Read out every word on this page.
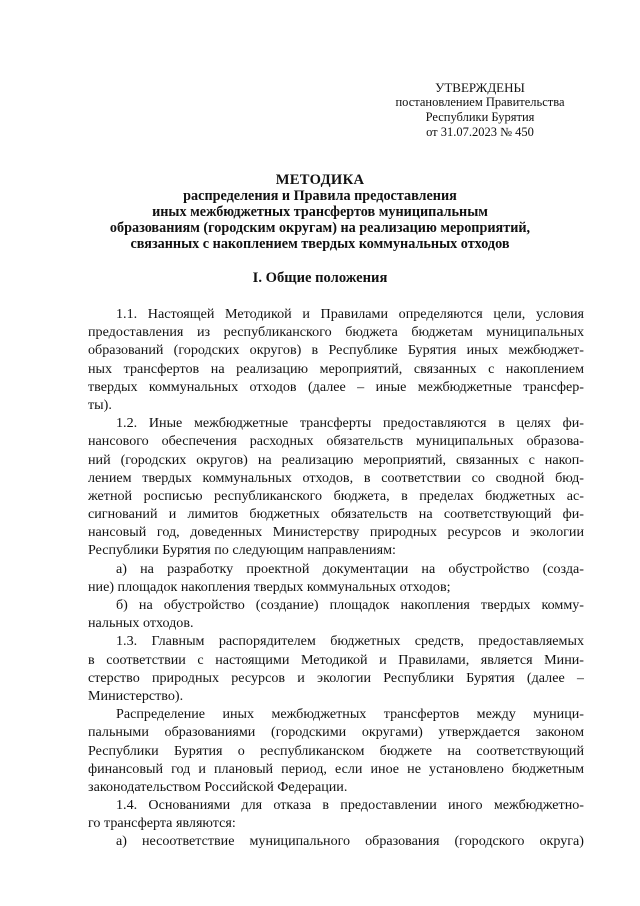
УТВЕРЖДЕНЫ
постановлением Правительства
Республики Бурятия
от 31.07.2023 № 450
МЕТОДИКА
распределения и Правила предоставления
иных межбюджетных трансфертов муниципальным
образованиям (городским округам) на реализацию мероприятий,
связанных с накоплением твердых коммунальных отходов
I. Общие положения
1.1. Настоящей Методикой и Правилами определяются цели, условия
предоставления из республиканского бюджета бюджетам муниципальных
образований (городских округов) в Республике Бурятия иных межбюджет-
ных трансфертов на реализацию мероприятий, связанных с накоплением
твердых коммунальных отходов (далее – иные межбюджетные трансфер-
ты).
1.2. Иные межбюджетные трансферты предоставляются в целях фи-
нансового обеспечения расходных обязательств муниципальных образова-
ний (городских округов) на реализацию мероприятий, связанных с накоп-
лением твердых коммунальных отходов, в соответствии со сводной бюд-
жетной росписью республиканского бюджета, в пределах бюджетных ас-
сигнований и лимитов бюджетных обязательств на соответствующий фи-
нансовый год, доведенных Министерству природных ресурсов и экологии
Республики Бурятия по следующим направлениям:
а) на разработку проектной документации на обустройство (созда-
ние) площадок накопления твердых коммунальных отходов;
б) на обустройство (создание) площадок накопления твердых комму-
нальных отходов.
1.3. Главным распорядителем бюджетных средств, предоставляемых
в соответствии с настоящими Методикой и Правилами, является Мини-
стерство природных ресурсов и экологии Республики Бурятия (далее –
Министерство).
Распределение иных межбюджетных трансфертов между муници-
пальными образованиями (городскими округами) утверждается законом
Республики Бурятия о республиканском бюджете на соответствующий
финансовый год и плановый период, если иное не установлено бюджетным
законодательством Российской Федерации.
1.4. Основаниями для отказа в предоставлении иного межбюджетно-
го трансферта являются:
а) несоответствие муниципального образования (городского округа)
